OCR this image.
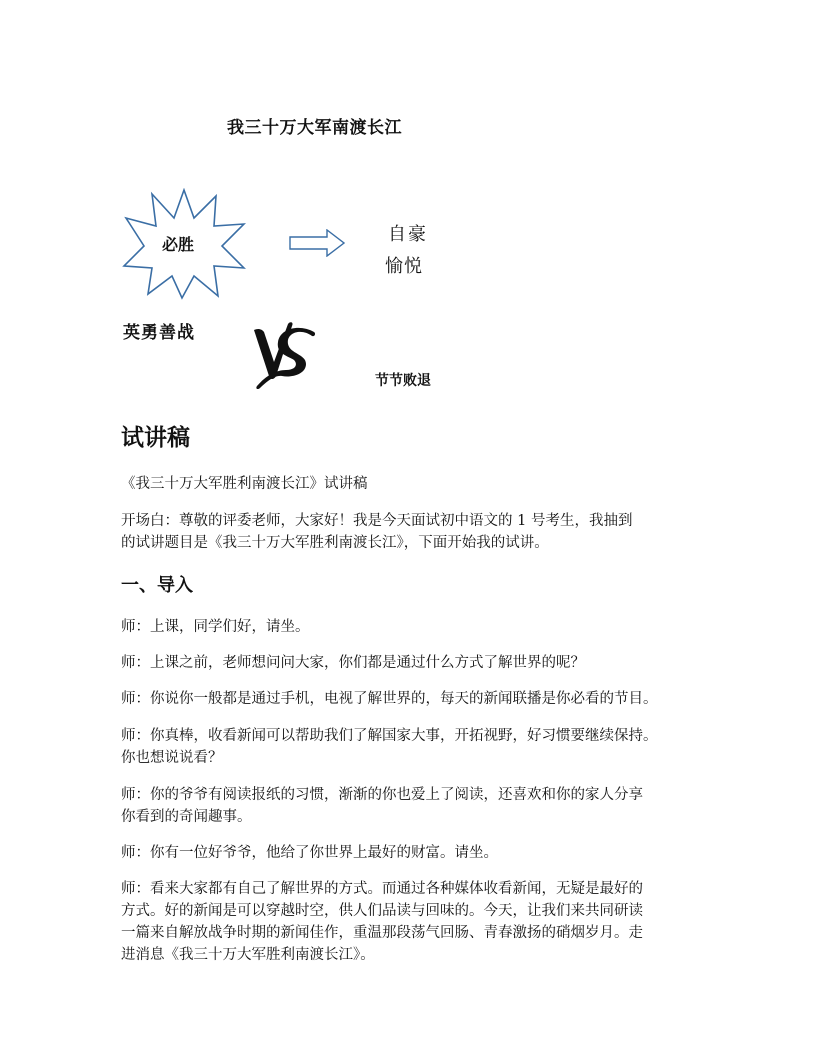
我三十万大军南渡长江
必胜	自豪
愉悦
英勇善战
节节败退
试讲稿

《我三十万大军胜利南渡长江》试讲稿

开场白：尊敬的评委老师，大家好！我是今天面试初中语文的 1 号考生，我抽到
的试讲题目是《我三十万大军胜利南渡长江》，下面开始我的试讲。

一、导入

师：上课，同学们好，请坐。

师：上课之前，老师想问问大家，你们都是通过什么方式了解世界的呢？

师：你说你一般都是通过手机，电视了解世界的，每天的新闻联播是你必看的节目。

师：你真棒，收看新闻可以帮助我们了解国家大事，开拓视野，好习惯要继续保持。
你也想说说看？

师：你的爷爷有阅读报纸的习惯，渐渐的你也爱上了阅读，还喜欢和你的家人分享
你看到的奇闻趣事。

师：你有一位好爷爷，他给了你世界上最好的财富。请坐。

师：看来大家都有自己了解世界的方式。而通过各种媒体收看新闻，无疑是最好的
方式。好的新闻是可以穿越时空，供人们品读与回味的。今天，让我们来共同研读
一篇来自解放战争时期的新闻佳作，重温那段荡气回肠、青春激扬的硝烟岁月。走
进消息《我三十万大军胜利南渡长江》。
